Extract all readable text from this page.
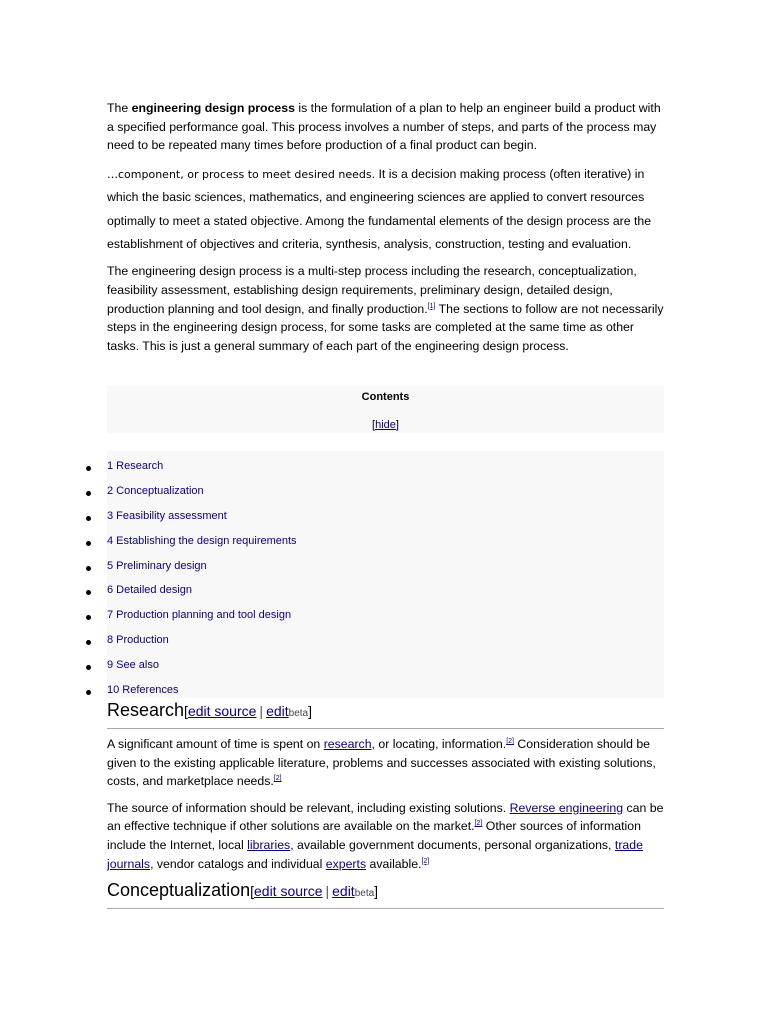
The engineering design process is the formulation of a plan to help an engineer build a product with a specified performance goal. This process involves a number of steps, and parts of the process may need to be repeated many times before production of a final product can begin.

…component, or process to meet desired needs. It is a decision making process (often iterative) in which the basic sciences, mathematics, and engineering sciences are applied to convert resources optimally to meet a stated objective. Among the fundamental elements of the design process are the establishment of objectives and criteria, synthesis, analysis, construction, testing and evaluation.

The engineering design process is a multi-step process including the research, conceptualization, feasibility assessment, establishing design requirements, preliminary design, detailed design, production planning and tool design, and finally production.[1] The sections to follow are not necessarily steps in the engineering design process, for some tasks are completed at the same time as other tasks. This is just a general summary of each part of the engineering design process.

Contents
[hide]
1 Research
2 Conceptualization
3 Feasibility assessment
4 Establishing the design requirements
5 Preliminary design
6 Detailed design
7 Production planning and tool design
8 Production
9 See also
10 References
Research[edit source | editbeta]

A significant amount of time is spent on research, or locating, information.[2] Consideration should be given to the existing applicable literature, problems and successes associated with existing solutions, costs, and marketplace needs.[2]

The source of information should be relevant, including existing solutions. Reverse engineering can be an effective technique if other solutions are available on the market.[2] Other sources of information include the Internet, local libraries, available government documents, personal organizations, trade journals, vendor catalogs and individual experts available.[2]

Conceptualization[edit source | editbeta]
